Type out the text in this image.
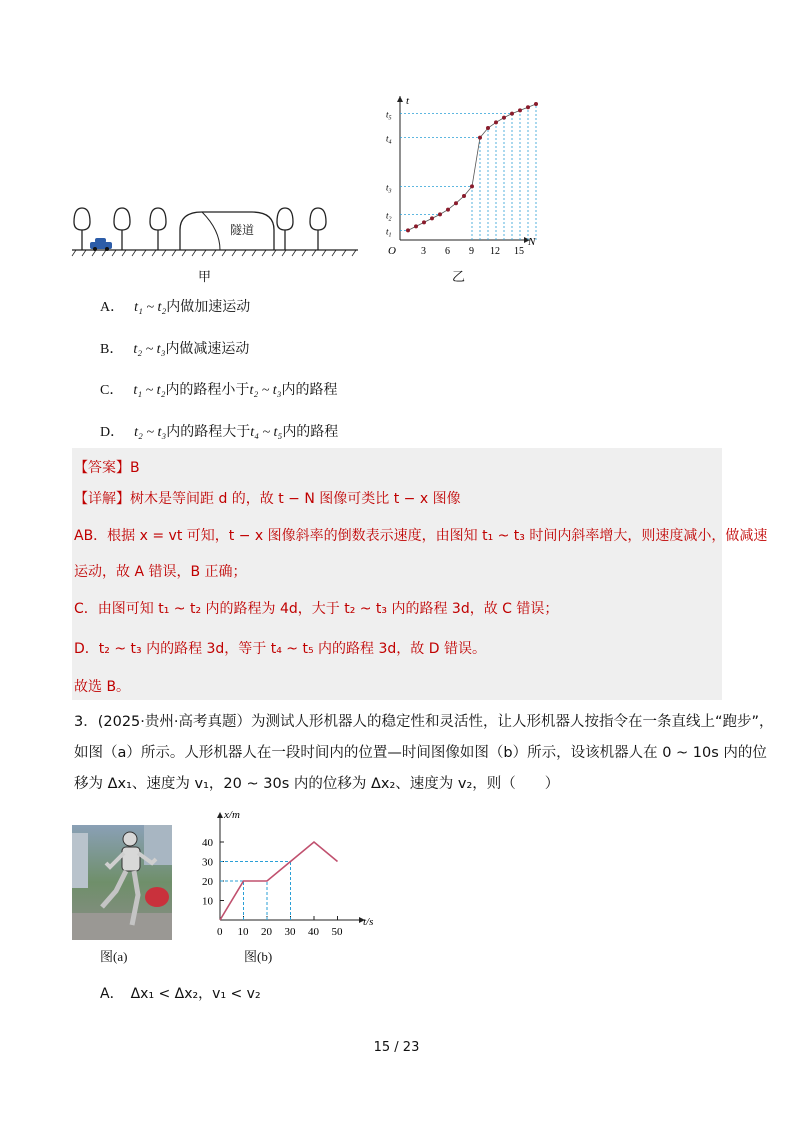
隧道
甲
t
N
O
$t_1$
$t_2$
$t_3$
$t_4$
$t_5$
3 6 9 12 15
乙
A． t₁ ~ t₂内做加速运动
B． t₂ ~ t₃内做减速运动
C． t₁ ~ t₂内的路程小于t₂ ~ t₃内的路程
D． t₂ ~ t₃内的路程大于t₄ ~ t₅内的路程
【答案】B
【详解】树木是等间距 d 的，故 t − N 图像可类比 t − x 图像
AB．根据 x = vt 可知，t − x 图像斜率的倒数表示速度，由图知 t₁ ~ t₃ 时间内斜率增大，则速度减小，做减速
运动，故 A 错误，B 正确；
C．由图可知 t₁ ~ t₂ 内的路程为 4d，大于 t₂ ~ t₃ 内的路程 3d，故 C 错误；
D．t₂ ~ t₃ 内的路程 3d，等于 t₄ ~ t₅ 内的路程 3d，故 D 错误。
故选 B。
3．(2025·贵州·高考真题）为测试人形机器人的稳定性和灵活性，让人形机器人按指令在一条直线上“跑步”，
如图（a）所示。人形机器人在一段时间内的位置—时间图像如图（b）所示，设该机器人在 0 ~ 10s 内的位
移为 Δx₁、速度为 v₁，20 ~ 30s 内的位移为 Δx₂、速度为 v₂，则（　　）
图(a)
x/m
t/s
10
20
30
40
0 10 20 30 40 50
图(b)
A．　Δx₁ < Δx₂，v₁ < v₂
15 / 23
